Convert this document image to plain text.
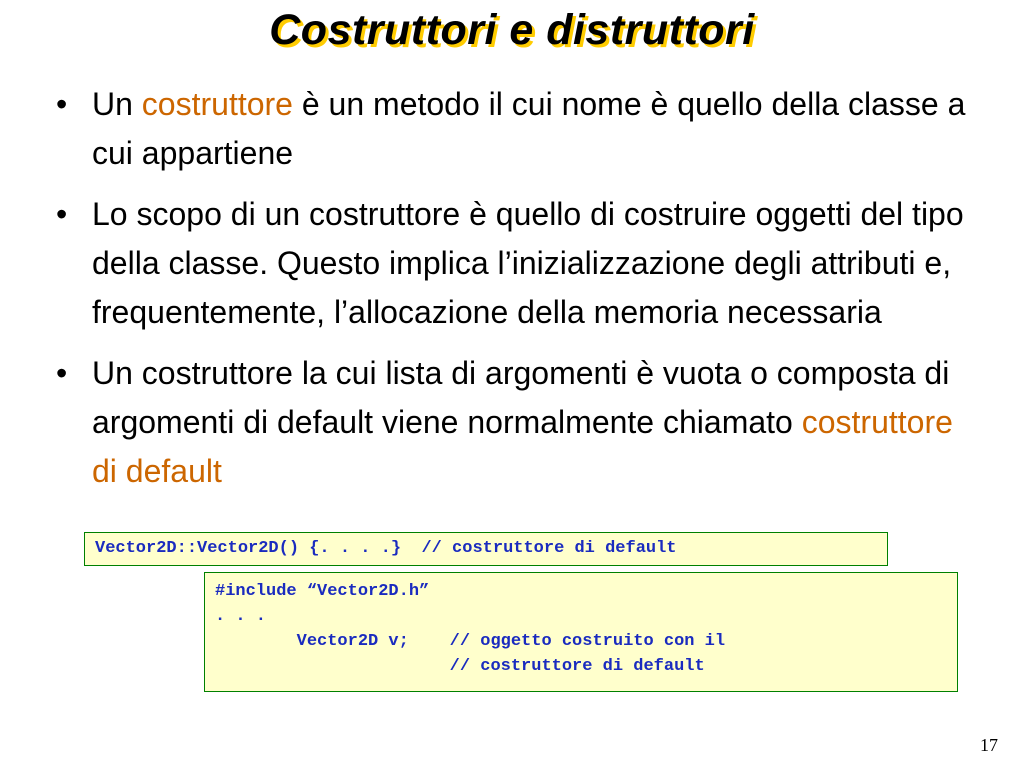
Costruttori e distruttori
• Un costruttore è un metodo il cui nome è quello della classe a cui appartiene
• Lo scopo di un costruttore è quello di costruire oggetti del tipo della classe. Questo implica l’inizializzazione degli attributi e, frequentemente, l’allocazione della memoria necessaria
• Un costruttore la cui lista di argomenti è vuota o composta di argomenti di default viene normalmente chiamato costruttore di default
Vector2D::Vector2D() {. . . .}  // costruttore di default
#include “Vector2D.h”
. . .
Vector2D v;    // oggetto costruito con il
// costruttore di default
17
